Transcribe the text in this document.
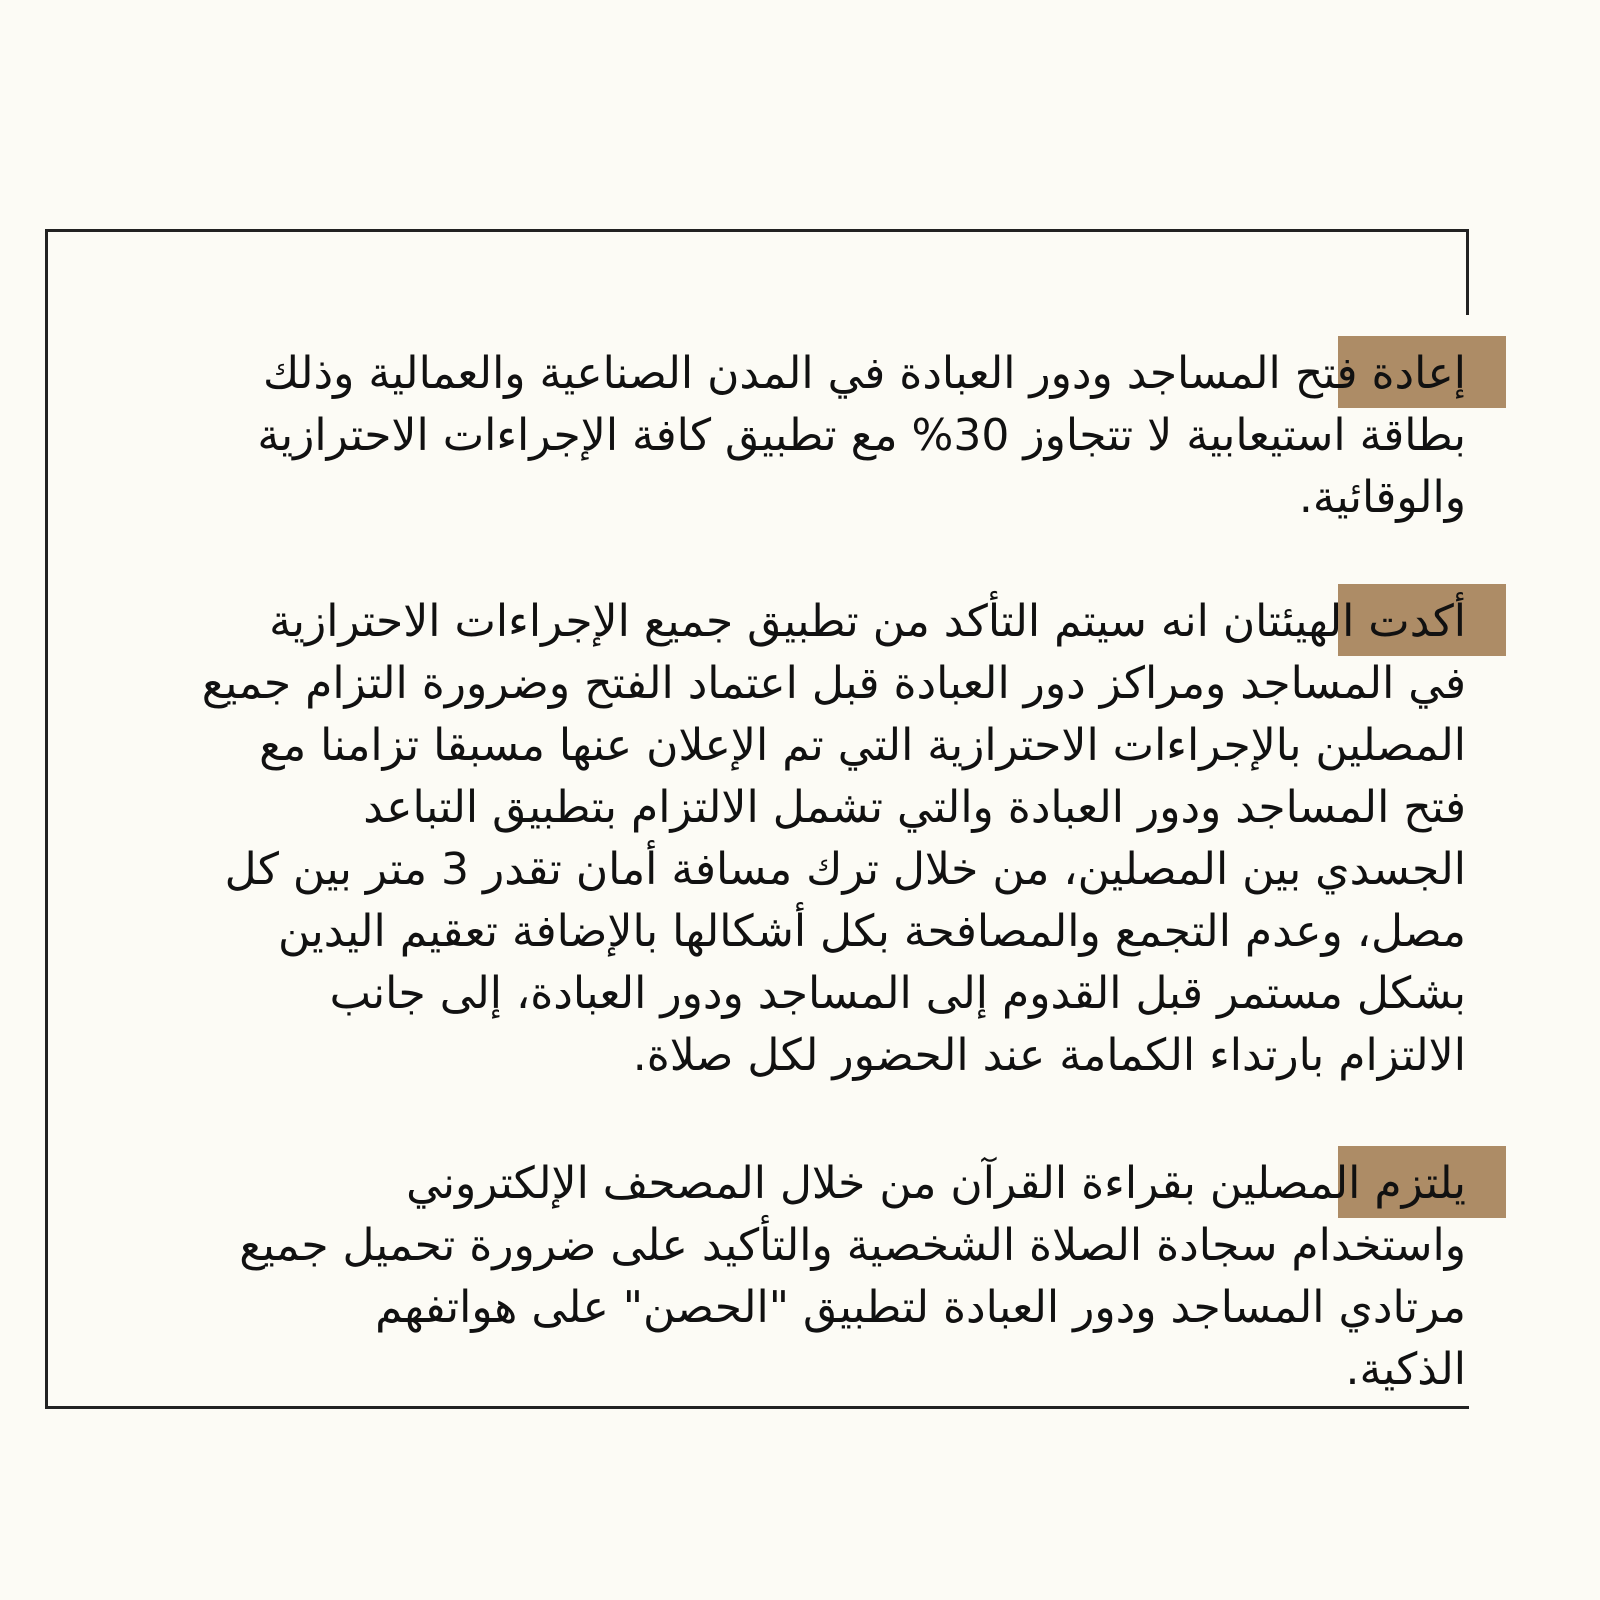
إعادة فتح المساجد ودور العبادة في المدن الصناعية والعمالية وذلك
بطاقة استيعابية لا تتجاوز 30% مع تطبيق كافة الإجراءات الاحترازية
والوقائية.

أكدت الهيئتان انه سيتم التأكد من تطبيق جميع الإجراءات الاحترازية
في المساجد ومراكز دور العبادة قبل اعتماد الفتح وضرورة التزام جميع
المصلين بالإجراءات الاحترازية التي تم الإعلان عنها مسبقا تزامنا مع
فتح المساجد ودور العبادة والتي تشمل الالتزام بتطبيق التباعد
الجسدي بين المصلين، من خلال ترك مسافة أمان تقدر 3 متر بين كل
مصل، وعدم التجمع والمصافحة بكل أشكالها بالإضافة تعقيم اليدين
بشكل مستمر قبل القدوم إلى المساجد ودور العبادة، إلى جانب
الالتزام بارتداء الكمامة عند الحضور لكل صلاة.

يلتزم المصلين بقراءة القرآن من خلال المصحف الإلكتروني
واستخدام سجادة الصلاة الشخصية والتأكيد على ضرورة تحميل جميع
مرتادي المساجد ودور العبادة لتطبيق "الحصن" على هواتفهم
الذكية.
